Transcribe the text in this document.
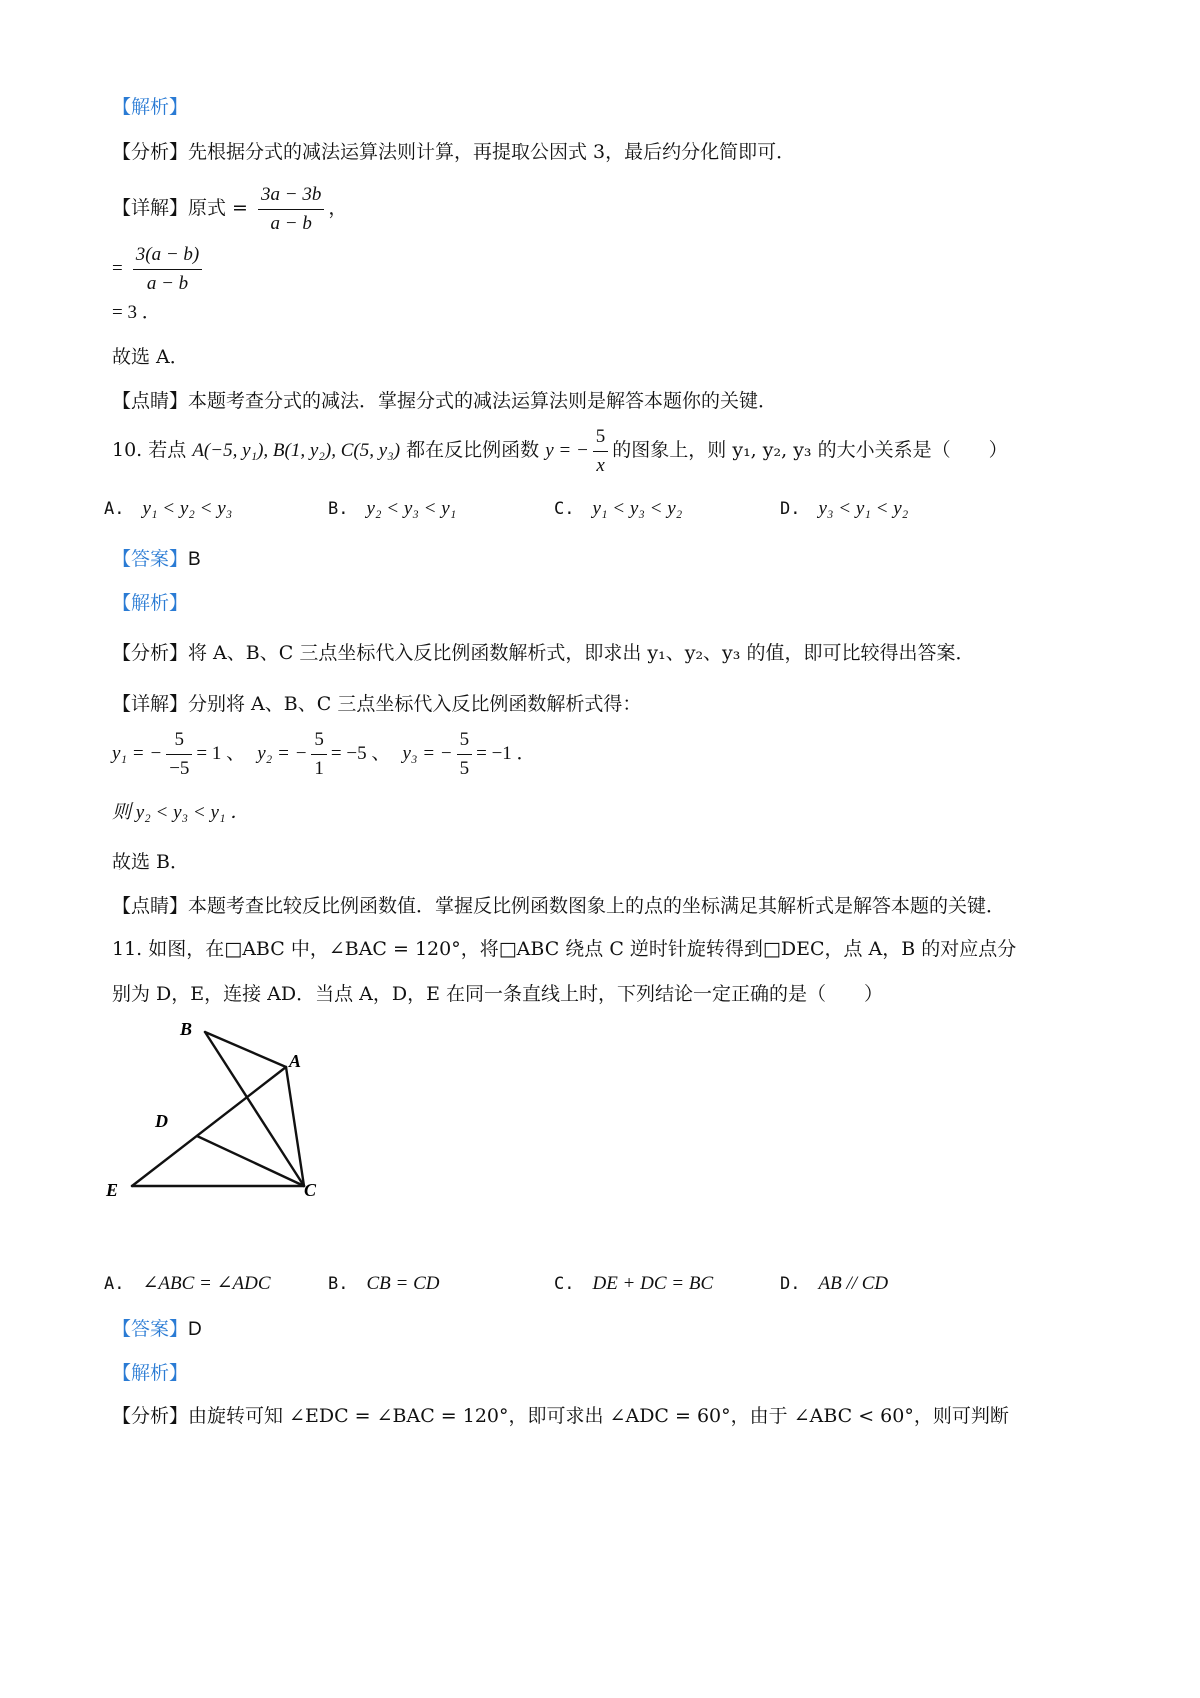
【解析】
【分析】先根据分式的减法运算法则计算，再提取公因式 3，最后约分化简即可．
【详解】原式 = $\frac{3a - 3b}{a - b}$ ，
= $\frac{3(a - b)}{a - b}$
= 3 ．
故选 A．
【点睛】本题考查分式的减法．掌握分式的减法运算法则是解答本题你的关键．
10. 若点 A(−5, y₁), B(1, y₂), C(5, y₃) 都在反比例函数 y = − $\frac{5}{x}$ 的图象上，则 y₁, y₂, y₃ 的大小关系是（　　）
A. y₁ < y₂ < y₃	B. y₂ < y₃ < y₁	C. y₁ < y₃ < y₂	D. y₃ < y₁ < y₂
【答案】B
【解析】
【分析】将 A、B、C 三点坐标代入反比例函数解析式，即求出 y₁、y₂、y₃ 的值，即可比较得出答案．
【详解】分别将 A、B、C 三点坐标代入反比例函数解析式得：
y₁ = − $\frac{5}{-5} = 1$ 、 y₂ = − $\frac{5}{1} = -5$ 、 y₃ = − $\frac{5}{5} = -1$ ．
则 y₂ < y₃ < y₁ ．
故选 B．
【点睛】本题考查比较反比例函数值．掌握反比例函数图象上的点的坐标满足其解析式是解答本题的关键．
11. 如图，在□ABC 中，∠BAC = 120°，将□ABC 绕点 C 逆时针旋转得到□DEC，点 A，B 的对应点分
别为 D，E，连接 AD．当点 A，D，E 在同一条直线上时，下列结论一定正确的是（　　）
B
A
D
E	C
A. ∠ABC = ∠ADC	B. CB = CD	C. DE + DC = BC	D. AB // CD
【答案】D
【解析】
【分析】由旋转可知 ∠EDC = ∠BAC = 120°，即可求出 ∠ADC = 60°，由于 ∠ABC < 60°，则可判断
